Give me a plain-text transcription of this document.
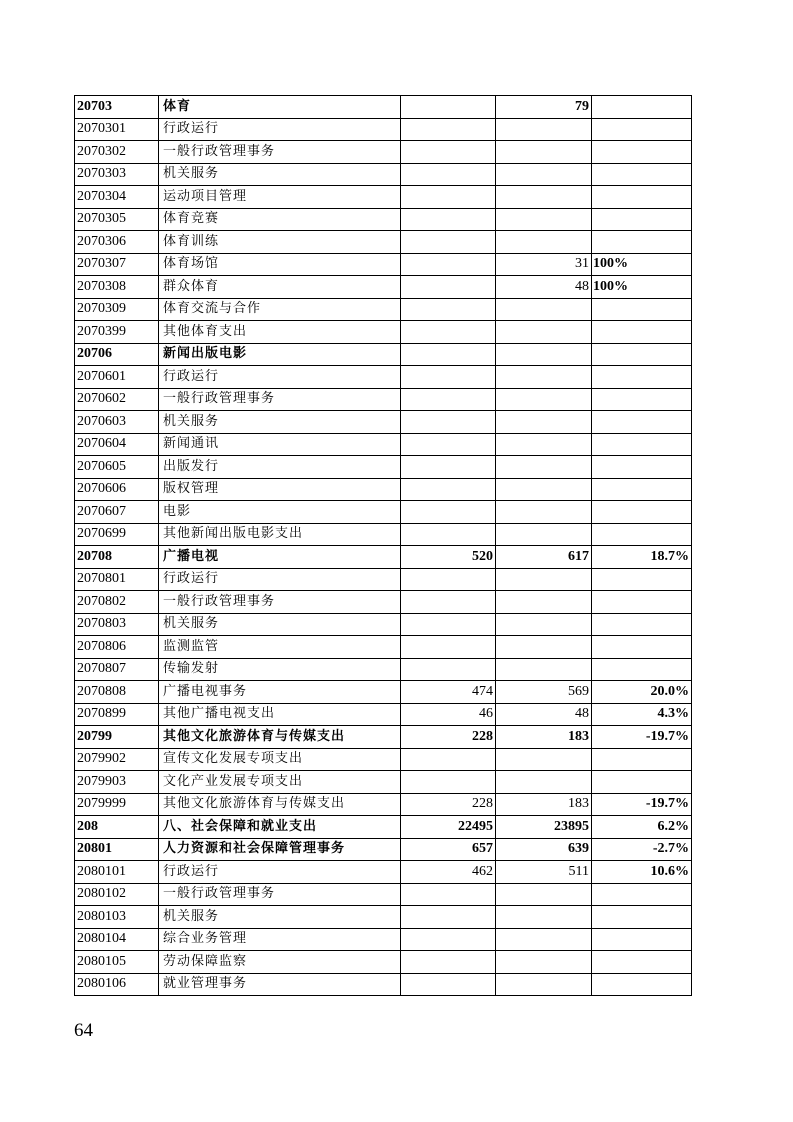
20703	体育		79	
2070301	行政运行			
2070302	一般行政管理事务			
2070303	机关服务			
2070304	运动项目管理			
2070305	体育竞赛			
2070306	体育训练			
2070307	体育场馆		31	100%
2070308	群众体育		48	100%
2070309	体育交流与合作			
2070399	其他体育支出			
20706	新闻出版电影			
2070601	行政运行			
2070602	一般行政管理事务			
2070603	机关服务			
2070604	新闻通讯			
2070605	出版发行			
2070606	版权管理			
2070607	电影			
2070699	其他新闻出版电影支出			
20708	广播电视	520	617	18.7%
2070801	行政运行			
2070802	一般行政管理事务			
2070803	机关服务			
2070806	监测监管			
2070807	传输发射			
2070808	广播电视事务	474	569	20.0%
2070899	其他广播电视支出	46	48	4.3%
20799	其他文化旅游体育与传媒支出	228	183	-19.7%
2079902	宣传文化发展专项支出			
2079903	文化产业发展专项支出			
2079999	其他文化旅游体育与传媒支出	228	183	-19.7%
208	八、社会保障和就业支出	22495	23895	6.2%
20801	人力资源和社会保障管理事务	657	639	-2.7%
2080101	行政运行	462	511	10.6%
2080102	一般行政管理事务			
2080103	机关服务			
2080104	综合业务管理			
2080105	劳动保障监察			
2080106	就业管理事务			
64
